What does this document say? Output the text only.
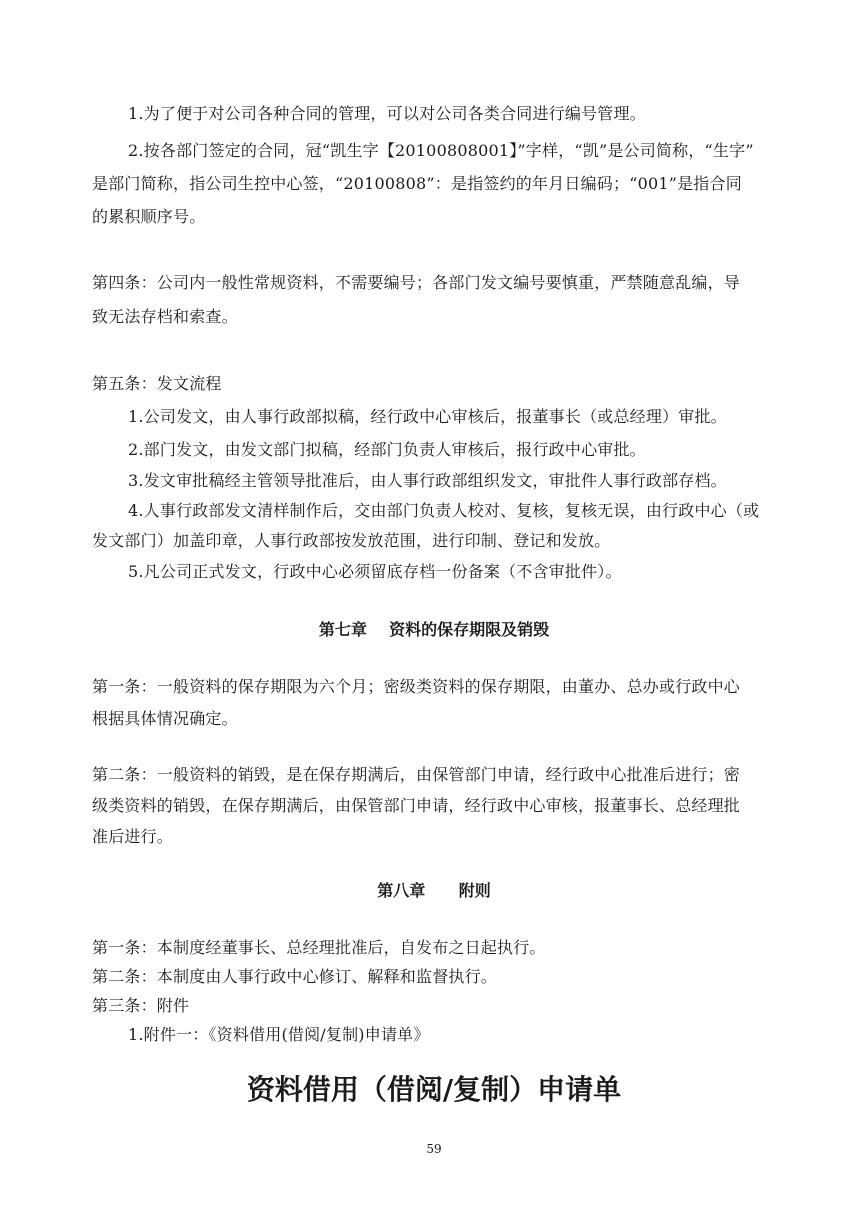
1.为了便于对公司各种合同的管理，可以对公司各类合同进行编号管理。
2.按各部门签定的合同，冠“凯生字【20100808001】”字样，“凯”是公司简称，“生字”
是部门简称，指公司生控中心签，“20100808”：是指签约的年月日编码；“001”是指合同
的累积顺序号。
第四条：公司内一般性常规资料，不需要编号；各部门发文编号要慎重，严禁随意乱编，导
致无法存档和索查。
第五条：发文流程
1.公司发文，由人事行政部拟稿，经行政中心审核后，报董事长（或总经理）审批。
2.部门发文，由发文部门拟稿，经部门负责人审核后，报行政中心审批。
3.发文审批稿经主管领导批准后，由人事行政部组织发文，审批件人事行政部存档。
4.人事行政部发文清样制作后，交由部门负责人校对、复核，复核无误，由行政中心（或
发文部门）加盖印章，人事行政部按发放范围，进行印制、登记和发放。
5.凡公司正式发文，行政中心必须留底存档一份备案（不含审批件）。
第七章    资料的保存期限及销毁
第一条：一般资料的保存期限为六个月；密级类资料的保存期限，由董办、总办或行政中心
根据具体情况确定。
第二条：一般资料的销毁，是在保存期满后，由保管部门申请，经行政中心批准后进行；密
级类资料的销毁，在保存期满后，由保管部门申请，经行政中心审核，报董事长、总经理批
准后进行。
第八章      附则
第一条：本制度经董事长、总经理批准后，自发布之日起执行。
第二条：本制度由人事行政中心修订、解释和监督执行。
第三条：附件
1.附件一：《资料借用(借阅/复制)申请单》
资料借用（借阅/复制）申请单
59
